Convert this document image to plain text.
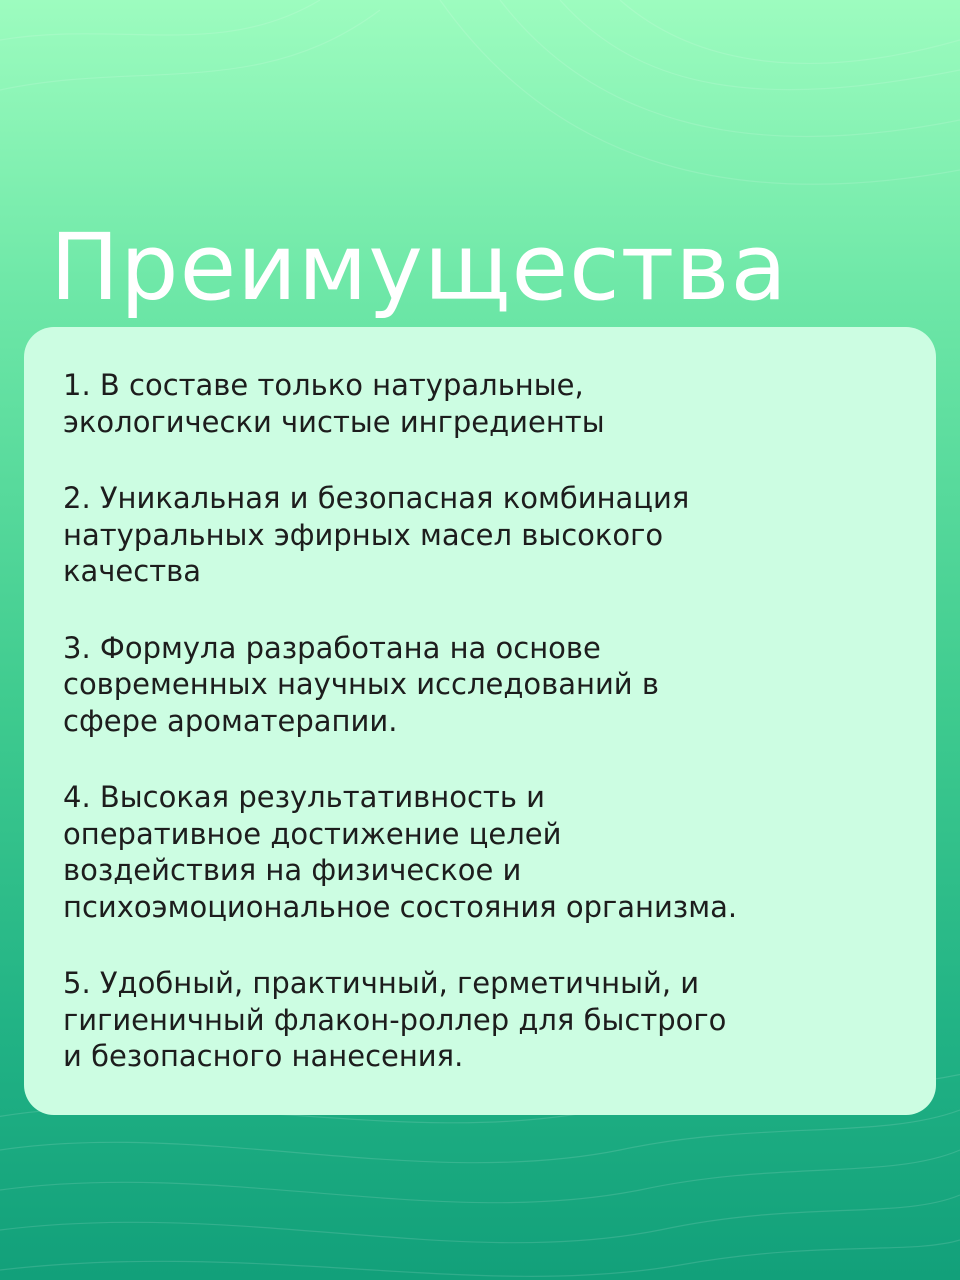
Преимущества

1. В составе только натуральные,
экологически чистые ингредиенты

2. Уникальная и безопасная комбинация
натуральных эфирных масел высокого
качества

3. Формула разработана на основе
современных научных исследований в
сфере ароматерапии.

4. Высокая результативность и
оперативное достижение целей
воздействия на физическое и
психоэмоциональное состояния организма.

5. Удобный, практичный, герметичный, и
гигиеничный флакон-роллер для быстрого
и безопасного нанесения.
